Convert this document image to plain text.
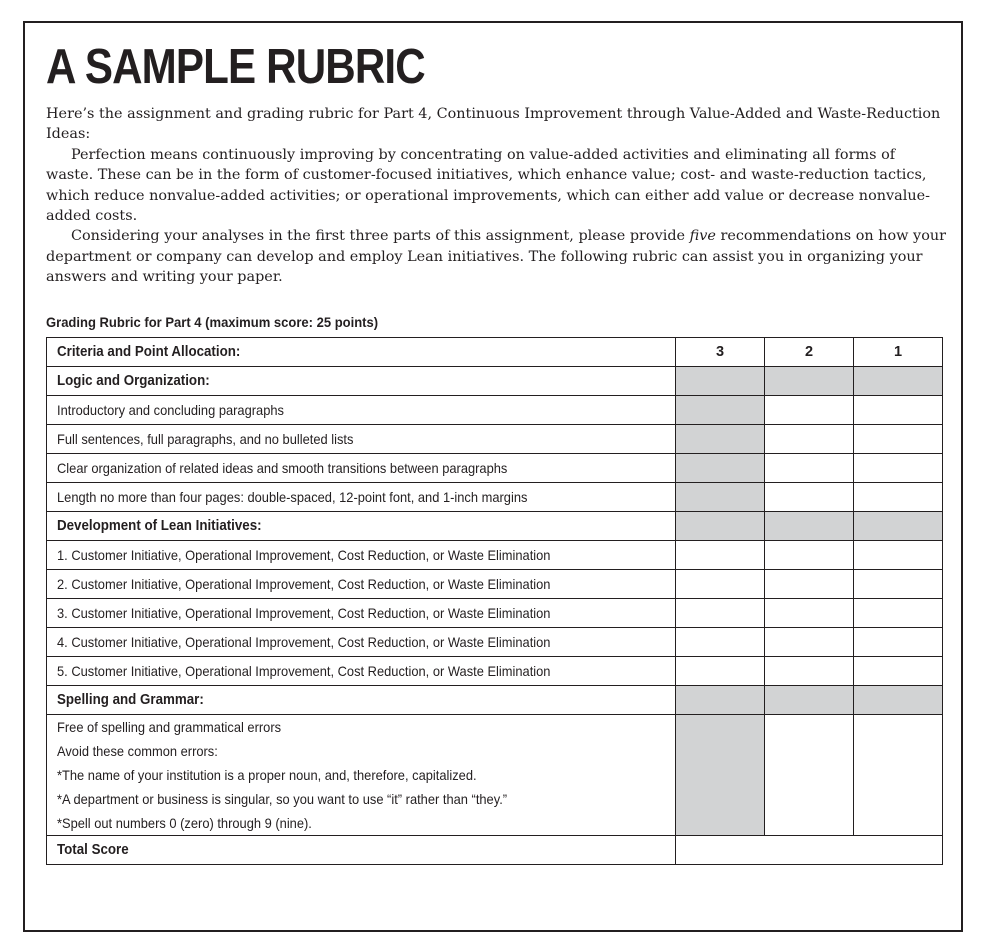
A SAMPLE RUBRIC

Here’s the assignment and grading rubric for Part 4, Continuous Improvement through Value-Added and Waste-Reduction Ideas:

Perfection means continuously improving by concentrating on value-added activities and eliminating all forms of waste. These can be in the form of customer-focused initiatives, which enhance value; cost- and waste-reduction tactics, which reduce nonvalue-added activities; or operational improvements, which can either add value or decrease nonvalue-added costs.

Considering your analyses in the first three parts of this assignment, please provide five recommendations on how your department or company can develop and employ Lean initiatives. The following rubric can assist you in organizing your answers and writing your paper.

Grading Rubric for Part 4 (maximum score: 25 points)
Criteria and Point Allocation:	3	2	1
Logic and Organization:			
Introductory and concluding paragraphs			
Full sentences, full paragraphs, and no bulleted lists			
Clear organization of related ideas and smooth transitions between paragraphs			
Length no more than four pages: double-spaced, 12-point font, and 1-inch margins			
Development of Lean Initiatives:			
1. Customer Initiative, Operational Improvement, Cost Reduction, or Waste Elimination			
2. Customer Initiative, Operational Improvement, Cost Reduction, or Waste Elimination			
3. Customer Initiative, Operational Improvement, Cost Reduction, or Waste Elimination			
4. Customer Initiative, Operational Improvement, Cost Reduction, or Waste Elimination			
5. Customer Initiative, Operational Improvement, Cost Reduction, or Waste Elimination			
Spelling and Grammar:			

Free of spelling and grammatical errors
Avoid these common errors:
*The name of your institution is a proper noun, and, therefore, capitalized.
*A department or business is singular, so you want to use “it” rather than “they.”
*Spell out numbers 0 (zero) through 9 (nine).			

Total Score			
